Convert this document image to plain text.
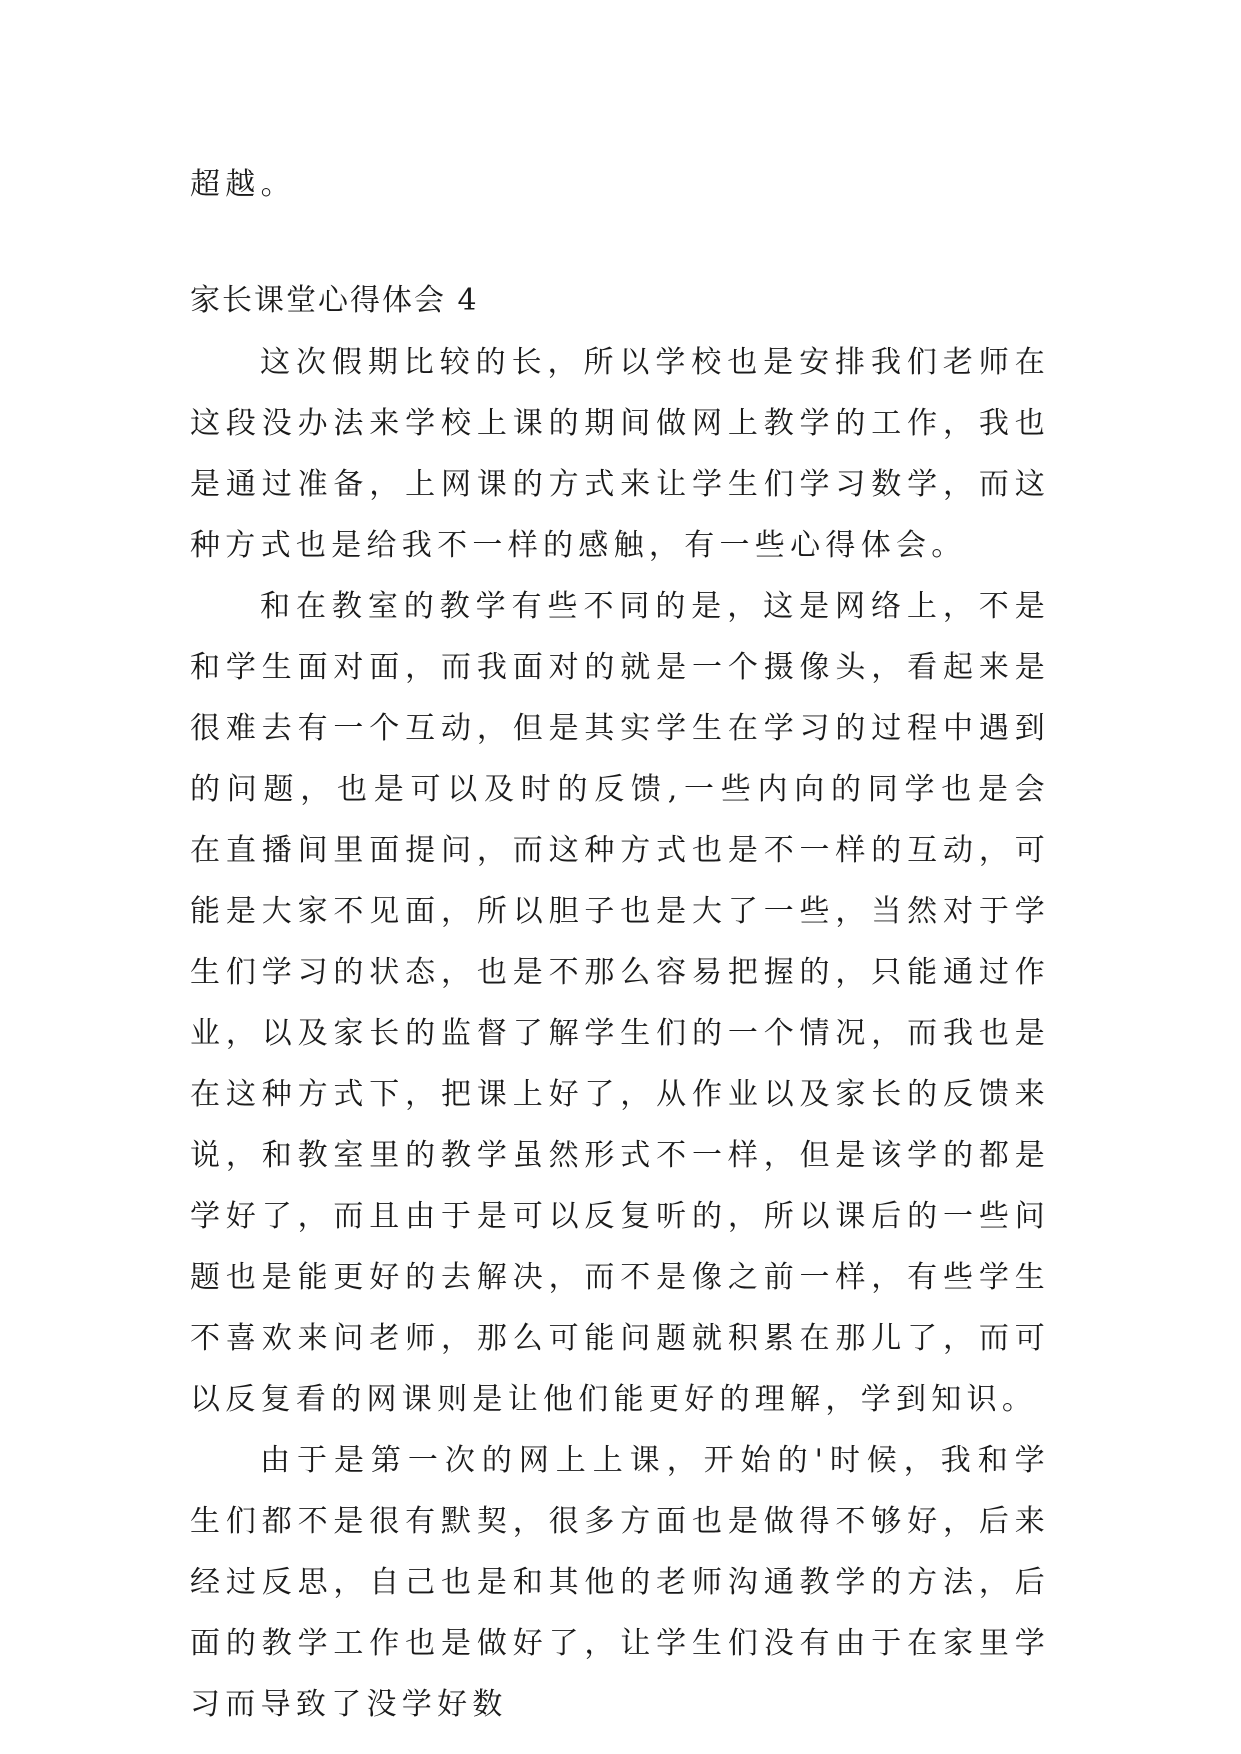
超越。

家长课堂心得体会 4

这次假期比较的长，所以学校也是安排我们老师在这段没办法来学校上课的期间做网上教学的工作，我也是通过准备，上网课的方式来让学生们学习数学，而这种方式也是给我不一样的感触，有一些心得体会。

和在教室的教学有些不同的是，这是网络上，不是和学生面对面，而我面对的就是一个摄像头，看起来是很难去有一个互动，但是其实学生在学习的过程中遇到的问题，也是可以及时的反馈,一些内向的同学也是会在直播间里面提问，而这种方式也是不一样的互动，可能是大家不见面，所以胆子也是大了一些，当然对于学生们学习的状态，也是不那么容易把握的，只能通过作业，以及家长的监督了解学生们的一个情况，而我也是在这种方式下，把课上好了，从作业以及家长的反馈来说，和教室里的教学虽然形式不一样，但是该学的都是学好了，而且由于是可以反复听的，所以课后的一些问题也是能更好的去解决，而不是像之前一样，有些学生不喜欢来问老师，那么可能问题就积累在那儿了，而可以反复看的网课则是让他们能更好的理解，学到知识。

由于是第一次的网上上课，开始的'时候，我和学生们都不是很有默契，很多方面也是做得不够好，后来经过反思，自己也是和其他的老师沟通教学的方法，后面的教学工作也是做好了，让学生们没有由于在家里学习而导致了没学好数
